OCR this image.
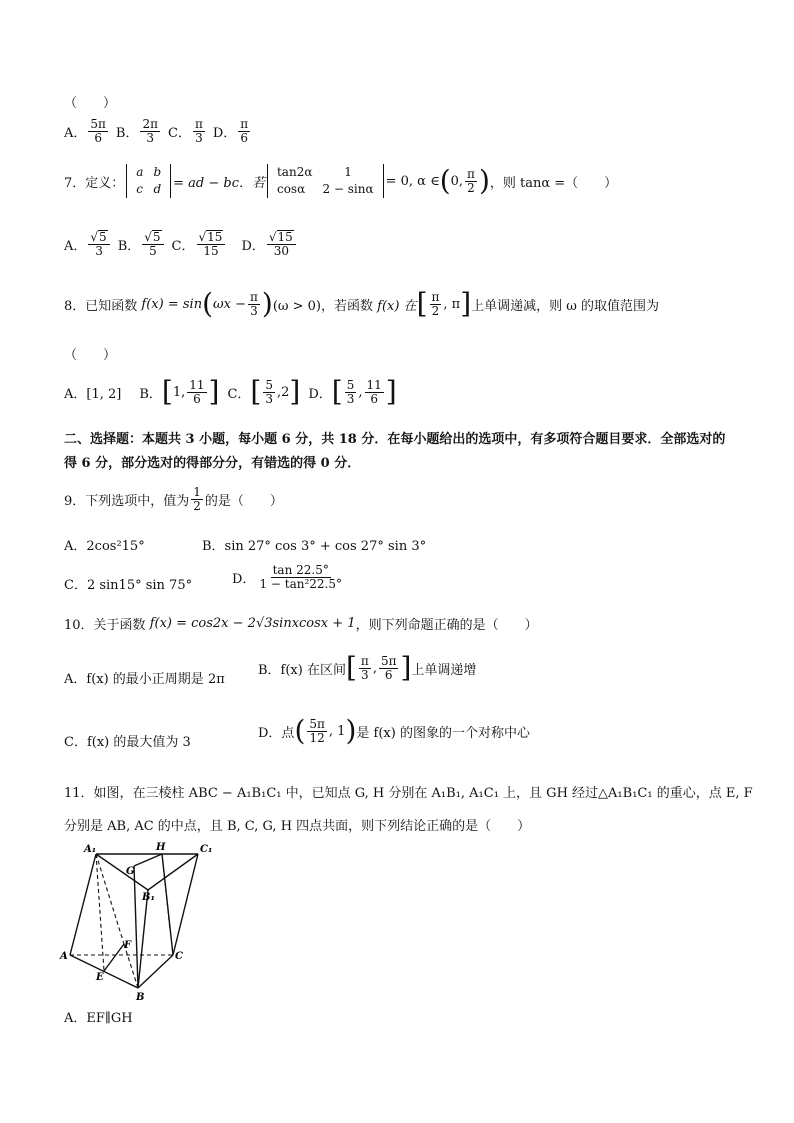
（　　）
A． $\frac{5\pi}{6}$ B． $\frac{2\pi}{3}$ C． $\frac{\pi}{3}$ D． $\frac{\pi}{6}$
7．定义：
a	b
c	d = ad − bc．若
tan2α	1
cosα	2 − sinα
= 0, α ∈ ( 0, $\frac{\pi}{2}$ ) ，则 tanα =（　　）
A． $\frac{√5}{3}$ B． $\frac{√5}{5}$ C． $\frac{√15}{15}$ D． $\frac{√15}{30}$
8．已知函数
f(x) = sin ( $\omega x - \frac{\pi}{3}$ ) (ω > 0)，若函数
f(x) 在 [ $\frac{\pi}{2}$ , π ] 上单调递减，则 ω 的取值范围为
（　　）
A．[1, 2] B． [ 1, $\frac{11}{6}$ ] C． [ $\frac{5}{3} ,2$ ] D． [ $\frac{5}{3}$ , $\frac{11}{6}$ ]
二、选择题：本题共 3 小题，每小题 6 分，共 18 分．在每小题给出的选项中，有多项符合题目要求．全部选对的得 6 分，部分选对的得部分分，有错选的得 0 分．
9．下列选项中，值为 $\frac{1}{2}$ 的是（　　）
A．2cos²15°	B．sin 27° cos 3° + cos 27° sin 3°
C．2 sin15° sin 75°	D． $\frac{\tan 22.5^\circ}{\text{1 − tan²22.5°}}$
10．关于函数
f(x) = cos2x − 2√3sinxcosx + 1 ，则下列命题正确的是（　　）
A．f(x) 的最小正周期是 2π
B．f(x) 在区间 [ $\frac{\pi}{3}$ , $\frac{5\pi}{6}$ ] 上单调递增
C．f(x) 的最大值为 3
D．点 ( $\frac{5\pi}{12}$ , 1 ) 是 f(x) 的图象的一个对称中心
11．如图，在三棱柱 ABC − A₁B₁C₁ 中，已知点 G, H 分别在 A₁B₁, A₁C₁ 上，且 GH 经过△A₁B₁C₁ 的重心，点 E, F
分别是 AB, AC 的中点，且 B, C, G, H 四点共面，则下列结论正确的是（　　）
A₁	H	C₁
G
B₁
F
A	C
E
B
A．EF∥GH
